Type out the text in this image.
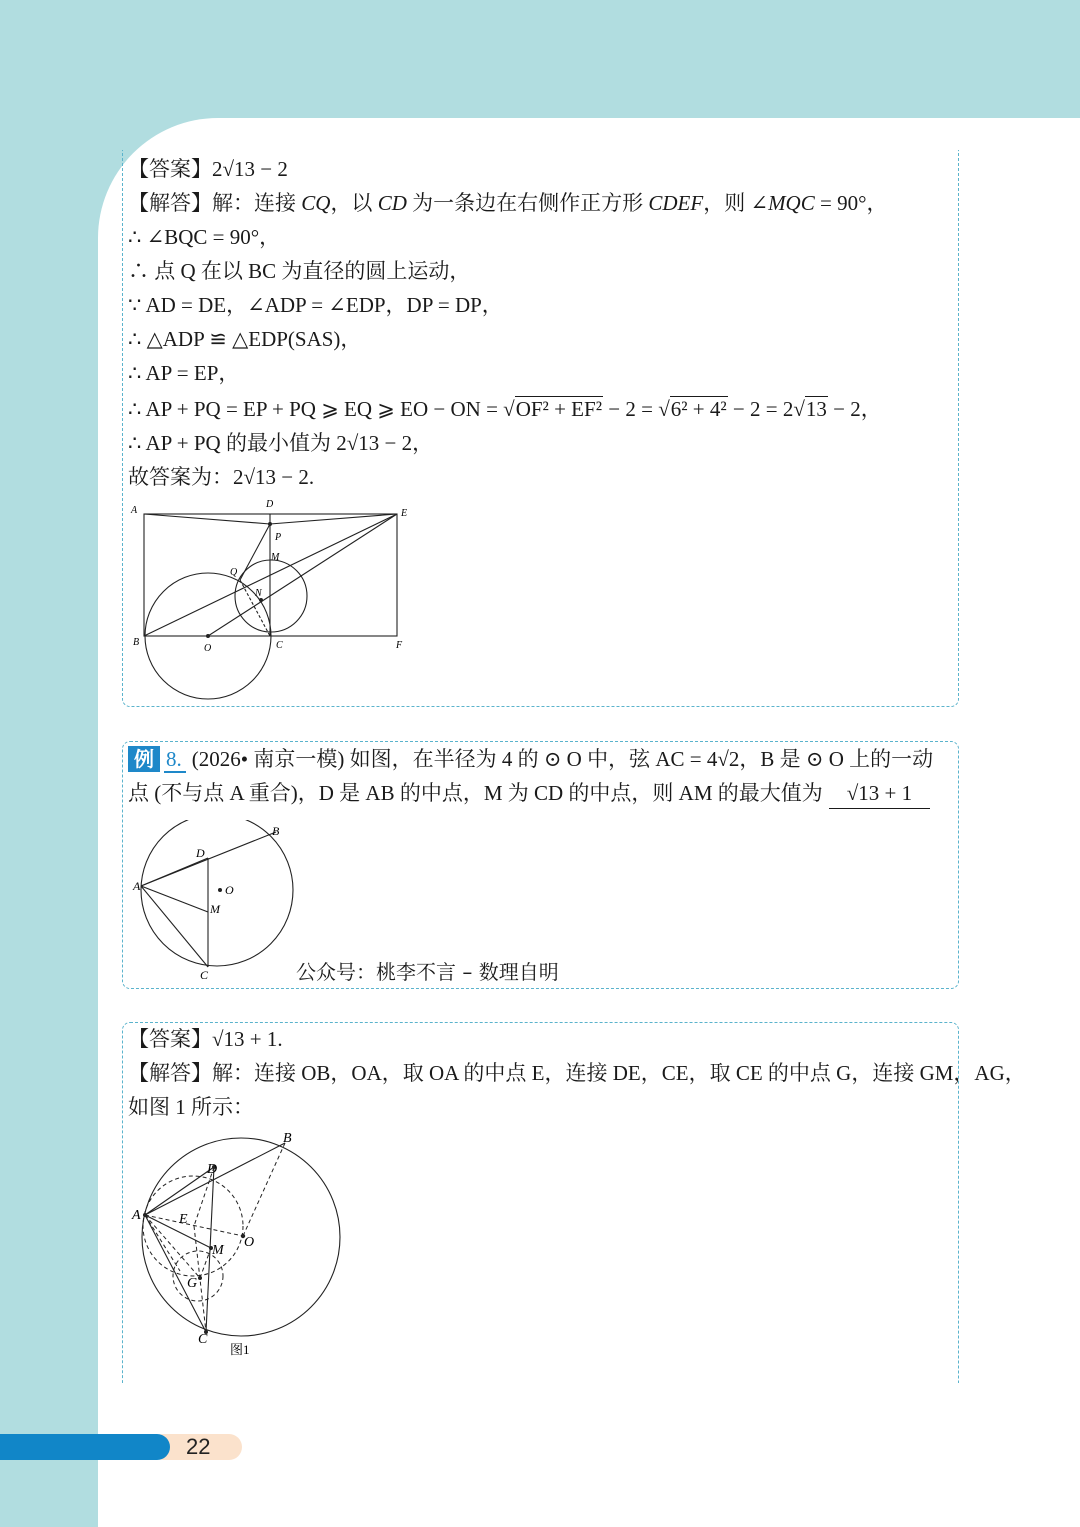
【答案】2√13 − 2
【解答】解：连接 CQ，以 CD 为一条边在右侧作正方形 CDEF，则 ∠MQC = 90°，
∴ ∠BQC = 90°，
∴ 点 Q 在以 BC 为直径的圆上运动，
∵ AD = DE，∠ADP = ∠EDP，DP = DP，
∴ △ADP ≌ △EDP(SAS)，
∴ AP = EP，
∴ AP + PQ = EP + PQ ⩾ EQ ⩾ EO − ON = √OF² + EF² − 2 = √6² + 4² − 2 = 2√13 − 2，
∴ AP + PQ 的最小值为 2√13 − 2，
故答案为：2√13 − 2.
A
D
E
P
M
Q
N
B
O	C	F
例 8. (2026• 南京一模) 如图，在半径为 4 的 ⊙ O 中，弦 AC = 4√2，B 是 ⊙ O 上的一动
点 (不与点 A 重合)，D 是 AB 的中点，M 为 CD 的中点，则 AM 的最大值为 √13 + 1
A
B
D
O
M
C	公众号：桃李不言 – 数理自明
【答案】√13 + 1.
【解答】解：连接 OB，OA，取 OA 的中点 E，连接 DE，CE，取 CE 的中点 G，连接 GM，AG，
如图 1 所示：
A
B
D
E
O
M
G
C
图1
22
